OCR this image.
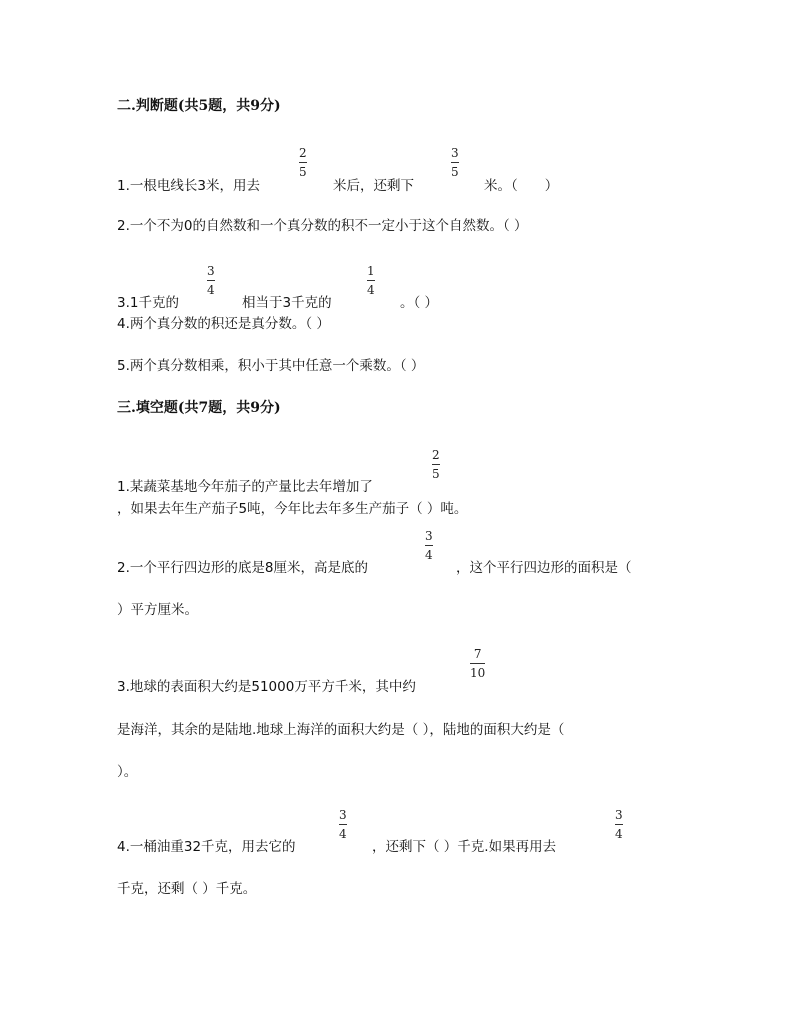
二.判断题(共5题，共9分)
1.一根电线长3米，用去
2
5
米后，还剩下
3
5
米。（　　）
2.一个不为0的自然数和一个真分数的积不一定小于这个自然数。（ ）
3.1千克的
3
4
相当于3千克的
1
4
。（ ）
4.两个真分数的积还是真分数。（ ）
5.两个真分数相乘，积小于其中任意一个乘数。（ ）
三.填空题(共7题，共9分)
1.某蔬菜基地今年茄子的产量比去年增加了
2
5
，如果去年生产茄子5吨，今年比去年多生产茄子（ ）吨。
2.一个平行四边形的底是8厘米，高是底的
3
4
，这个平行四边形的面积是（
）平方厘米。
3.地球的表面积大约是51000万平方千米，其中约
7
10
是海洋，其余的是陆地.地球上海洋的面积大约是（ ），陆地的面积大约是（
）。
4.一桶油重32千克，用去它的
3
4
，还剩下（ ）千克.如果再用去
3
4
千克，还剩（ ）千克。
